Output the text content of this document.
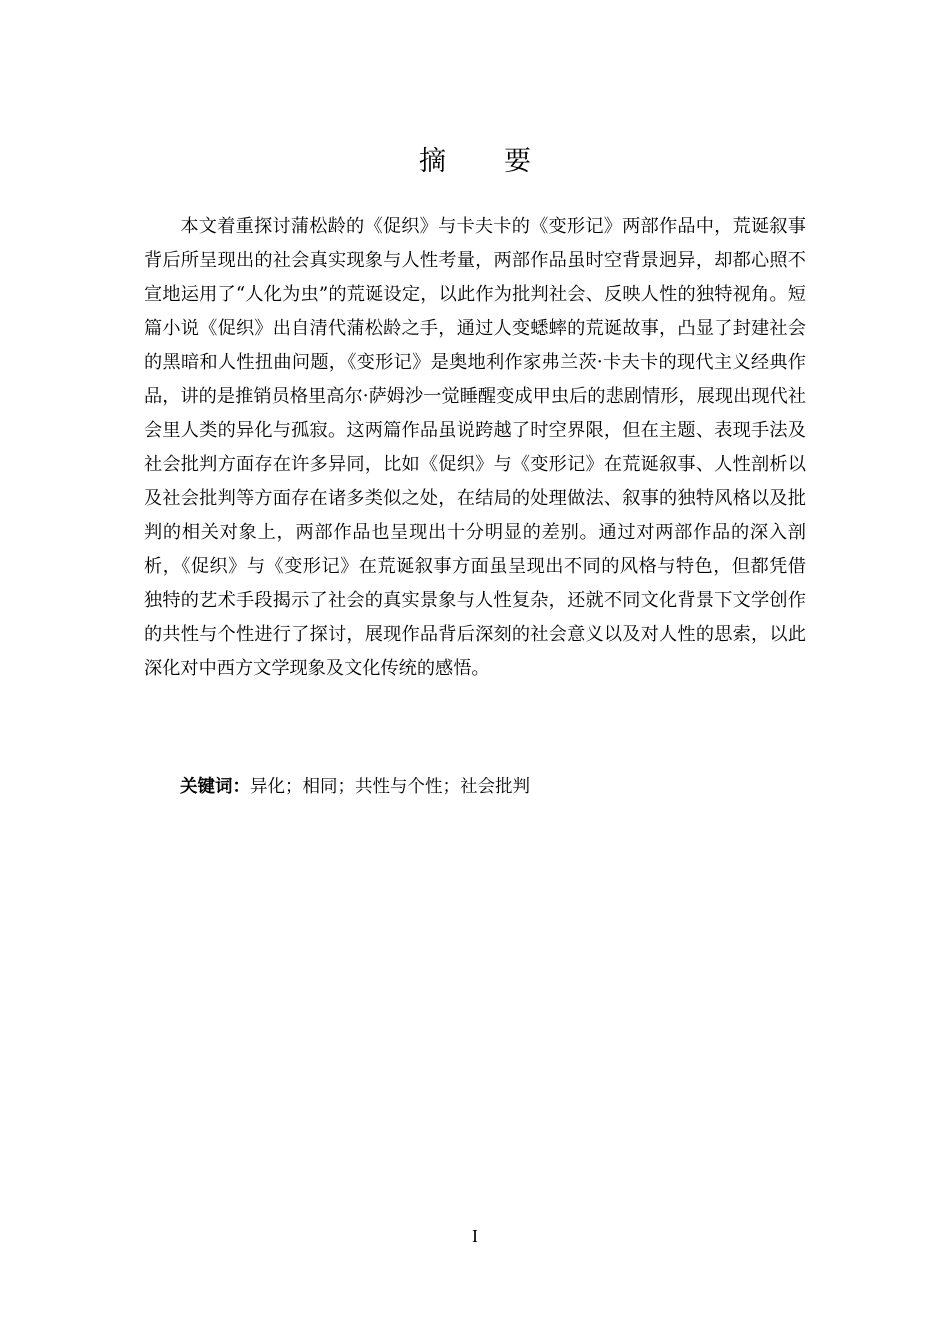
摘要

本文着重探讨蒲松龄的《促织》与卡夫卡的《变形记》两部作品中，荒诞叙事背后所呈现出的社会真实现象与人性考量，两部作品虽时空背景迥异，却都心照不宣地运用了“人化为虫”的荒诞设定，以此作为批判社会、反映人性的独特视角。短篇小说《促织》出自清代蒲松龄之手，通过人变蟋蟀的荒诞故事，凸显了封建社会的黑暗和人性扭曲问题，《变形记》是奥地利作家弗兰茨·卡夫卡的现代主义经典作品，讲的是推销员格里高尔·萨姆沙一觉睡醒变成甲虫后的悲剧情形，展现出现代社会里人类的异化与孤寂。这两篇作品虽说跨越了时空界限，但在主题、表现手法及社会批判方面存在许多异同，比如《促织》与《变形记》在荒诞叙事、人性剖析以及社会批判等方面存在诸多类似之处，在结局的处理做法、叙事的独特风格以及批判的相关对象上，两部作品也呈现出十分明显的差别。通过对两部作品的深入剖析，《促织》与《变形记》在荒诞叙事方面虽呈现出不同的风格与特色，但都凭借独特的艺术手段揭示了社会的真实景象与人性复杂，还就不同文化背景下文学创作的共性与个性进行了探讨，展现作品背后深刻的社会意义以及对人性的思索，以此深化对中西方文学现象及文化传统的感悟。

关键词：异化；相同；共性与个性；社会批判

I
